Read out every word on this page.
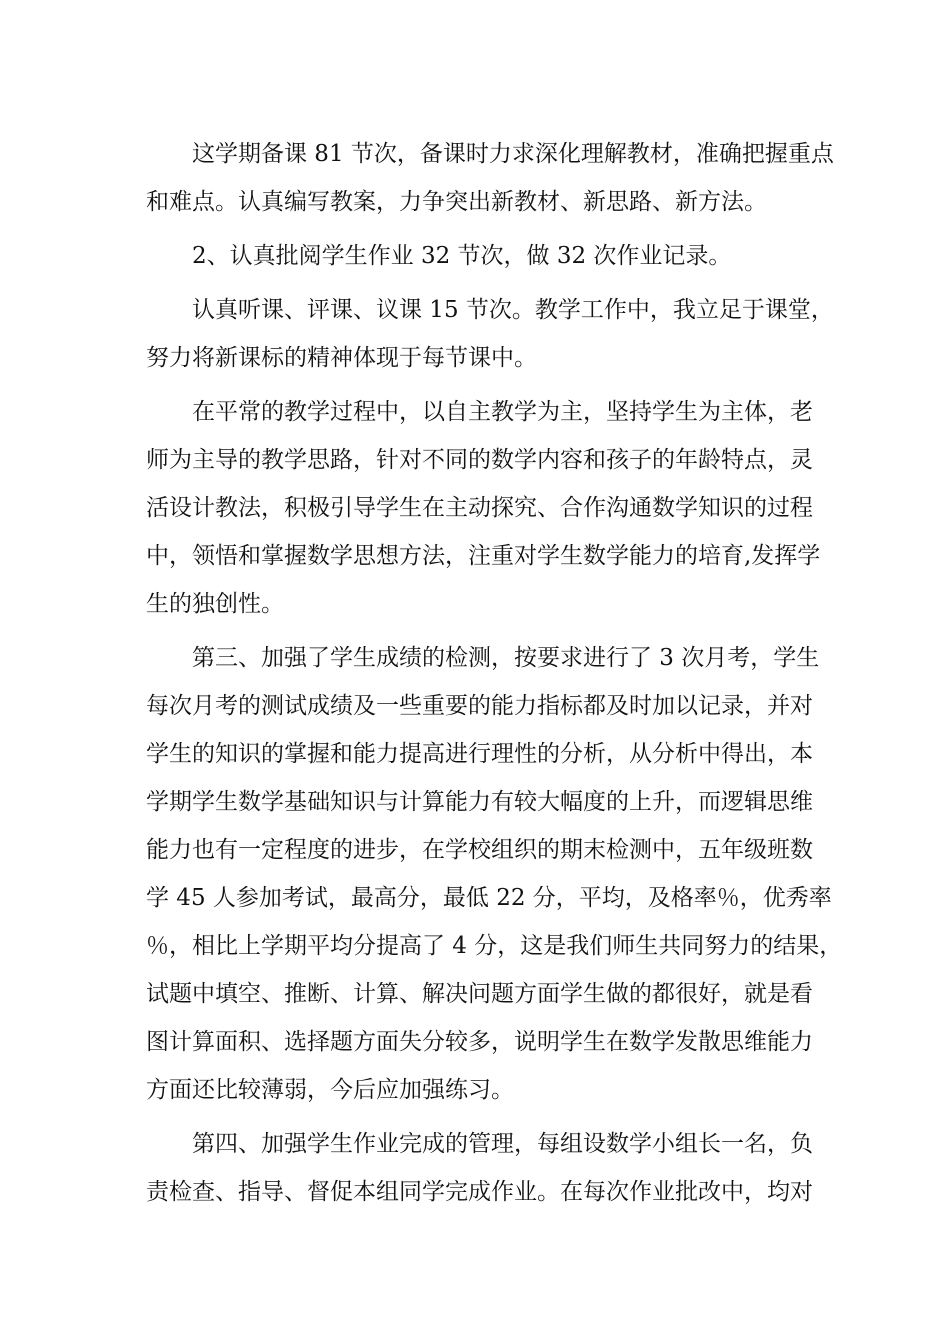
这学期备课 81 节次，备课时力求深化理解教材，准确把握重点
和难点。认真编写教案，力争突出新教材、新思路、新方法。
2、认真批阅学生作业 32 节次，做 32 次作业记录。
认真听课、评课、议课 15 节次。教学工作中，我立足于课堂，
努力将新课标的精神体现于每节课中。
在平常的教学过程中，以自主教学为主，坚持学生为主体，老
师为主导的教学思路，针对不同的数学内容和孩子的年龄特点，灵
活设计教法，积极引导学生在主动探究、合作沟通数学知识的过程
中，领悟和掌握数学思想方法，注重对学生数学能力的培育,发挥学
生的独创性。
第三、加强了学生成绩的检测，按要求进行了 3 次月考，学生
每次月考的测试成绩及一些重要的能力指标都及时加以记录，并对
学生的知识的掌握和能力提高进行理性的分析，从分析中得出，本
学期学生数学基础知识与计算能力有较大幅度的上升，而逻辑思维
能力也有一定程度的进步，在学校组织的期末检测中，五年级班数
学 45 人参加考试，最高分，最低 22 分，平均，及格率％，优秀率
％，相比上学期平均分提高了 4 分，这是我们师生共同努力的结果，
试题中填空、推断、计算、解决问题方面学生做的都很好，就是看
图计算面积、选择题方面失分较多，说明学生在数学发散思维能力
方面还比较薄弱，今后应加强练习。
第四、加强学生作业完成的管理，每组设数学小组长一名，负
责检查、指导、督促本组同学完成作业。在每次作业批改中，均对
